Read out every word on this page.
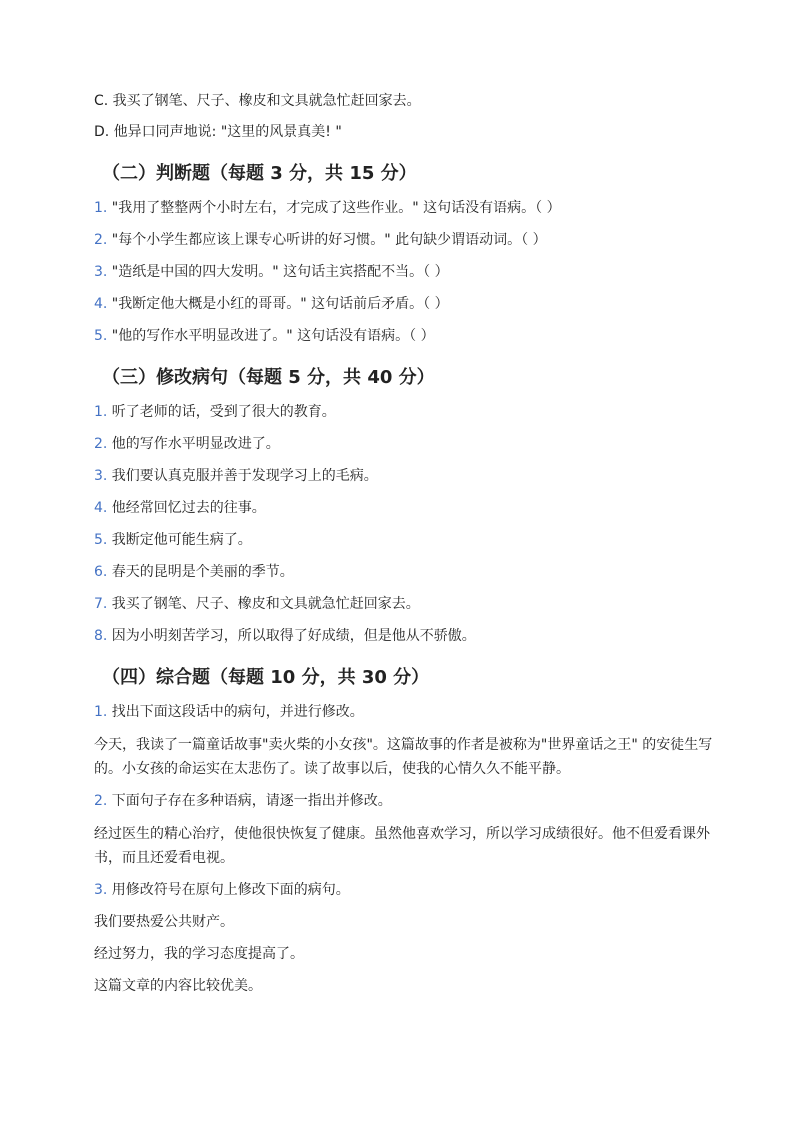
C. 我买了钢笔、尺子、橡皮和文具就急忙赶回家去。
D. 他异口同声地说: "这里的风景真美! "
（二）判断题（每题 3 分，共 15 分）
1. "我用了整整两个小时左右，才完成了这些作业。" 这句话没有语病。（ ）
2. "每个小学生都应该上课专心听讲的好习惯。" 此句缺少谓语动词。（ ）
3. "造纸是中国的四大发明。" 这句话主宾搭配不当。（ ）
4. "我断定他大概是小红的哥哥。" 这句话前后矛盾。（ ）
5. "他的写作水平明显改进了。" 这句话没有语病。（ ）
（三）修改病句（每题 5 分，共 40 分）
1. 听了老师的话，受到了很大的教育。
2. 他的写作水平明显改进了。
3. 我们要认真克服并善于发现学习上的毛病。
4. 他经常回忆过去的往事。
5. 我断定他可能生病了。
6. 春天的昆明是个美丽的季节。
7. 我买了钢笔、尺子、橡皮和文具就急忙赶回家去。
8. 因为小明刻苦学习，所以取得了好成绩，但是他从不骄傲。
（四）综合题（每题 10 分，共 30 分）
1. 找出下面这段话中的病句，并进行修改。
今天，我读了一篇童话故事"卖火柴的小女孩"。这篇故事的作者是被称为"世界童话之王" 的安徒生写的。小女孩的命运实在太悲伤了。读了故事以后，使我的心情久久不能平静。
2. 下面句子存在多种语病，请逐一指出并修改。
经过医生的精心治疗，使他很快恢复了健康。虽然他喜欢学习，所以学习成绩很好。他不但爱看课外书，而且还爱看电视。
3. 用修改符号在原句上修改下面的病句。
我们要热爱公共财产。
经过努力，我的学习态度提高了。
这篇文章的内容比较优美。
